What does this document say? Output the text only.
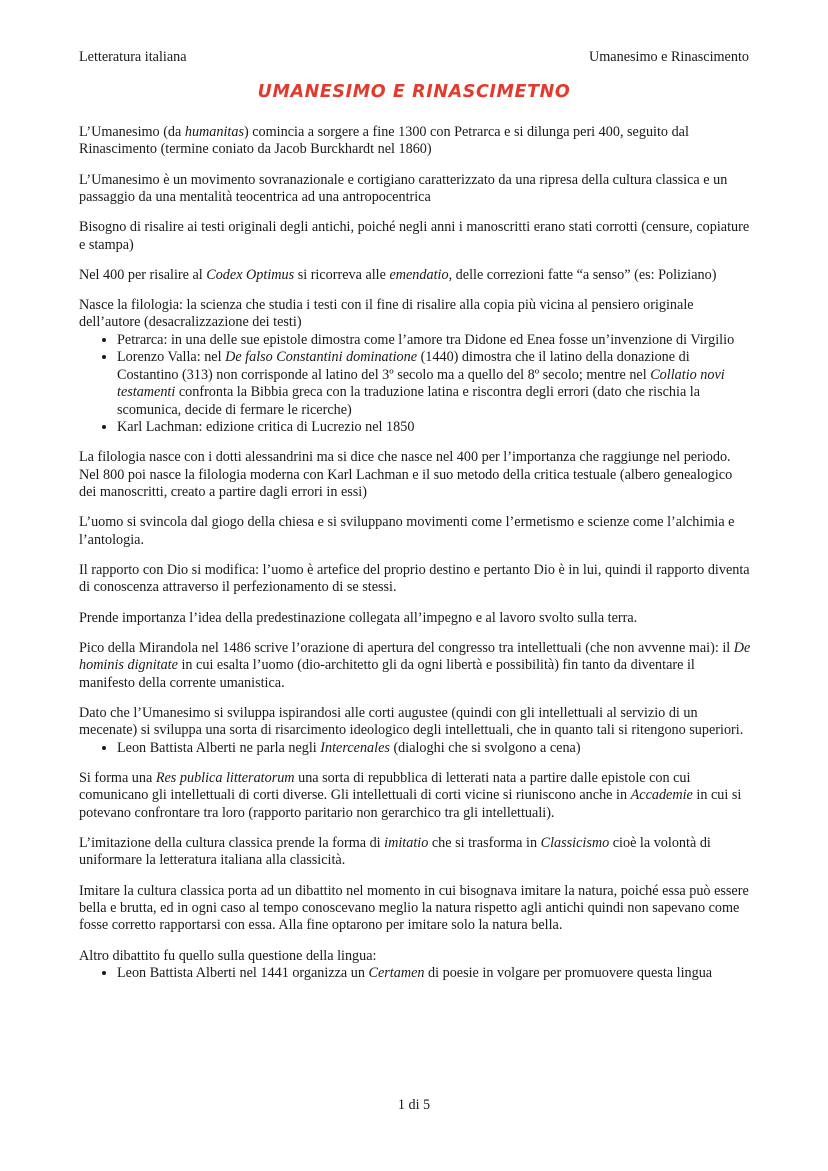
Letteratura italiana	Umanesimo e Rinascimento
UMANESIMO E RINASCIMETNO

L’Umanesimo (da humanitas) comincia a sorgere a fine 1300 con Petrarca e si dilunga peri 400, seguito dal Rinascimento (termine coniato da Jacob Burckhardt nel 1860)

L’Umanesimo è un movimento sovranazionale e cortigiano caratterizzato da una ripresa della cultura classica e un passaggio da una mentalità teocentrica ad una antropocentrica

Bisogno di risalire ai testi originali degli antichi, poiché negli anni i manoscritti erano stati corrotti (censure, copiature e stampa)

Nel 400 per risalire al Codex Optimus si ricorreva alle emendatio, delle correzioni fatte “a senso” (es: Poliziano)

Nasce la filologia: la scienza che studia i testi con il fine di risalire alla copia più vicina al pensiero originale dell’autore (desacralizzazione dei testi)

• Petrarca: in una delle sue epistole dimostra come l’amore tra Didone ed Enea fosse un’invenzione di Virgilio
• Lorenzo Valla: nel De falso Constantini dominatione (1440) dimostra che il latino della donazione di Costantino (313) non corrisponde al latino del 3º secolo ma a quello del 8º secolo; mentre nel Collatio novi testamenti confronta la Bibbia greca con la traduzione latina e riscontra degli errori (dato che rischia la scomunica, decide di fermare le ricerche)
• Karl Lachman: edizione critica di Lucrezio nel 1850

La filologia nasce con i dotti alessandrini ma si dice che nasce nel 400 per l’importanza che raggiunge nel periodo. Nel 800 poi nasce la filologia moderna con Karl Lachman e il suo metodo della critica testuale (albero genealogico dei manoscritti, creato a partire dagli errori in essi)

L’uomo si svincola dal giogo della chiesa e si sviluppano movimenti come l’ermetismo e scienze come l’alchimia e l’antologia.

Il rapporto con Dio si modifica: l’uomo è artefice del proprio destino e pertanto Dio è in lui, quindi il rapporto diventa di conoscenza attraverso il perfezionamento di se stessi.

Prende importanza l’idea della predestinazione collegata all’impegno e al lavoro svolto sulla terra.

Pico della Mirandola nel 1486 scrive l’orazione di apertura del congresso tra intellettuali (che non avvenne mai): il De hominis dignitate in cui esalta l’uomo (dio-architetto gli da ogni libertà e possibilità) fin tanto da diventare il manifesto della corrente umanistica.

Dato che l’Umanesimo si sviluppa ispirandosi alle corti augustee (quindi con gli intellettuali al servizio di un mecenate) si sviluppa una sorta di risarcimento ideologico degli intellettuali, che in quanto tali si ritengono superiori.

• Leon Battista Alberti ne parla negli Intercenales (dialoghi che si svolgono a cena)

Si forma una Res publica litteratorum una sorta di repubblica di letterati nata a partire dalle epistole con cui comunicano gli intellettuali di corti diverse. Gli intellettuali di corti vicine si riuniscono anche in Accademie in cui si potevano confrontare tra loro (rapporto paritario non gerarchico tra gli intellettuali).

L’imitazione della cultura classica prende la forma di imitatio che si trasforma in Classicismo cioè la volontà di uniformare la letteratura italiana alla classicità.

Imitare la cultura classica porta ad un dibattito nel momento in cui bisognava imitare la natura, poiché essa può essere bella e brutta, ed in ogni caso al tempo conoscevano meglio la natura rispetto agli antichi quindi non sapevano come fosse corretto rapportarsi con essa. Alla fine optarono per imitare solo la natura bella.

Altro dibattito fu quello sulla questione della lingua:

• Leon Battista Alberti nel 1441 organizza un Certamen di poesie in volgare per promuovere questa lingua
1 di 5
